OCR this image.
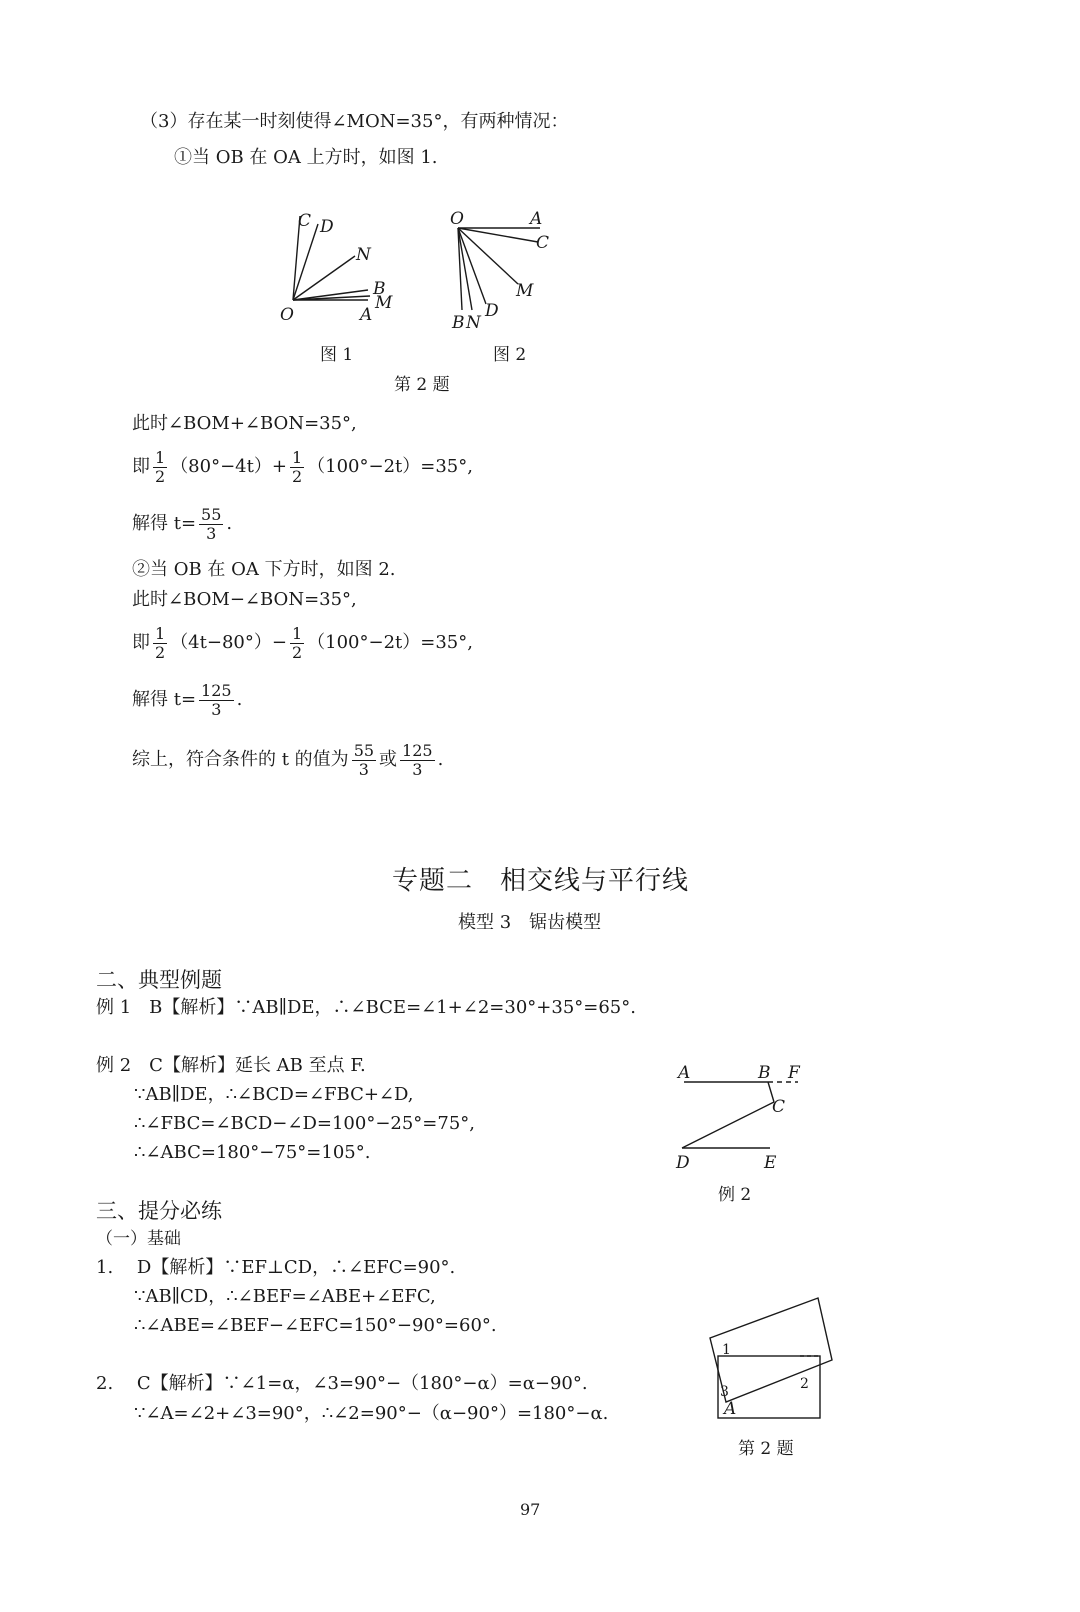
（3）存在某一时刻使得∠MON=35°，有两种情况：
①当 OB 在 OA 上方时，如图 1.
C D
N
B
M
O	A
图 1
O	A
C
M
D
B N
图 2
第 2 题
此时∠BOM+∠BON=35°,
即 $\frac{1}{2} (80^\circ-4t)+ \frac{1}{2} (100^\circ-2t)=35^\circ$,
解得 $t= \frac{55}{3}$ .
②当 OB 在 OA 下方时，如图 2.
此时∠BOM−∠BON=35°,
即 $\frac{1}{2} (4t-80^\circ)- \frac{1}{2} (100^\circ-2t)=35^\circ$,
解得 $t= \frac{125}{3}$ .
综上，符合条件的 t 的值为 $\frac{55}{3}$ 或 $\frac{125}{3}$ .
专题二　相交线与平行线
模型 3　锯齿模型
二、典型例题
例 1　B【解析】∵AB∥DE，∴∠BCE=∠1+∠2=30°+35°=65°.
例 2　C【解析】延长 AB 至点 F.
∵AB∥DE，∴∠BCD=∠FBC+∠D,
∴∠FBC=∠BCD−∠D=100°−25°=75°,
∴∠ABC=180°−75°=105°.
A	B F
C
D	E
例 2
三、提分必练
（一）基础
1.　 D【解析】∵EF⊥CD，∴∠EFC=90°.
∵AB∥CD，∴∠BEF=∠ABE+∠EFC,
∴∠ABE=∠BEF−∠EFC=150°−90°=60°.
2.　 C【解析】∵∠1=α，∠3=90°−（180°−α）=α−90°.
∵∠A=∠2+∠3=90°，∴∠2=90°−（α−90°）=180°−α.
1
2
3
A
第 2 题
97
